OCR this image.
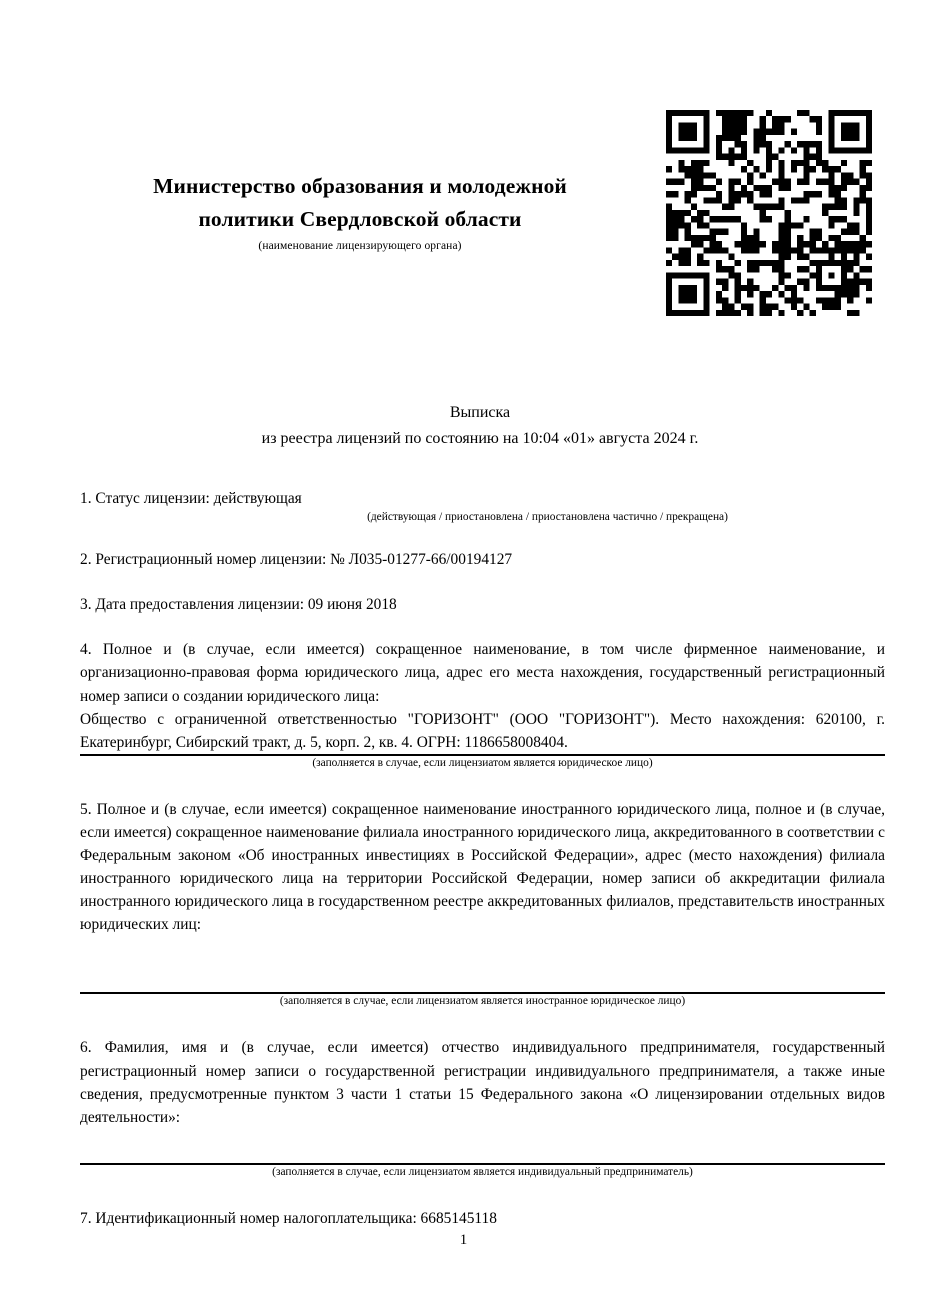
Министерство образования и молодежной
политики Свердловской области
(наименование лицензирующего органа)
Выписка
из реестра лицензий по состоянию на 10:04 «01» августа 2024 г.
1. Статус лицензии: действующая
(действующая / приостановлена / приостановлена частично / прекращена)
2. Регистрационный номер лицензии: № Л035-01277-66/00194127
3. Дата предоставления лицензии: 09 июня 2018
4. Полное и (в случае, если имеется) сокращенное наименование, в том числе фирменное наименование, и организационно-правовая форма юридического лица, адрес его места нахождения, государственный регистрационный номер записи о создании юридического лица:
Общество с ограниченной ответственностью "ГОРИЗОНТ" (ООО "ГОРИЗОНТ"). Место нахождения: 620100, г. Екатеринбург, Сибирский тракт, д. 5, корп. 2, кв. 4. ОГРН: 1186658008404.
(заполняется в случае, если лицензиатом является юридическое лицо)
5. Полное и (в случае, если имеется) сокращенное наименование иностранного юридического лица, полное и (в случае, если имеется) сокращенное наименование филиала иностранного юридического лица, аккредитованного в соответствии с Федеральным законом «Об иностранных инвестициях в Российской Федерации», адрес (место нахождения) филиала иностранного юридического лица на территории Российской Федерации, номер записи об аккредитации филиала иностранного юридического лица в государственном реестре аккредитованных филиалов, представительств иностранных юридических лиц:
(заполняется в случае, если лицензиатом является иностранное юридическое лицо)
6. Фамилия, имя и (в случае, если имеется) отчество индивидуального предпринимателя, государственный регистрационный номер записи о государственной регистрации индивидуального предпринимателя, а также иные сведения, предусмотренные пунктом 3 части 1 статьи 15 Федерального закона «О лицензировании отдельных видов деятельности»:
(заполняется в случае, если лицензиатом является индивидуальный предприниматель)
7. Идентификационный номер налогоплательщика: 6685145118
1
